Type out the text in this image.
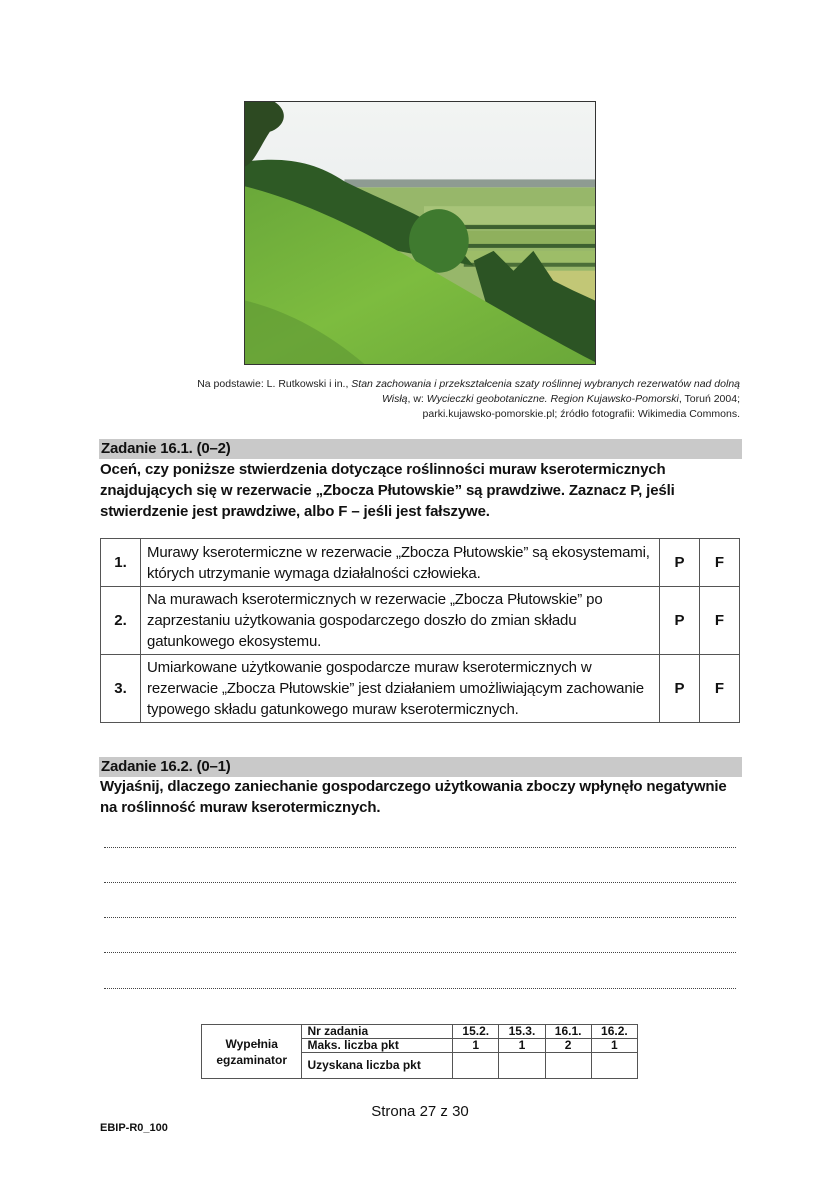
Na podstawie: L. Rutkowski i in., Stan zachowania i przekształcenia szaty roślinnej wybranych rezerwatów nad dolną Wisłą, w: Wycieczki geobotaniczne. Region Kujawsko-Pomorski, Toruń 2004;
parki.kujawsko-pomorskie.pl; źródło fotografii: Wikimedia Commons.
Zadanie 16.1. (0–2)
Oceń, czy poniższe stwierdzenia dotyczące roślinności muraw kserotermicznych znajdujących się w rezerwacie „Zbocza Płutowskie” są prawdziwe. Zaznacz P, jeśli stwierdzenie jest prawdziwe, albo F – jeśli jest fałszywe.
1.	Murawy kserotermiczne w rezerwacie „Zbocza Płutowskie” są ekosystemami, których utrzymanie wymaga działalności człowieka.	P	F
2.	Na murawach kserotermicznych w rezerwacie „Zbocza Płutowskie” po zaprzestaniu użytkowania gospodarczego doszło do zmian składu gatunkowego ekosystemu.	P	F
3.	Umiarkowane użytkowanie gospodarcze muraw kserotermicznych w rezerwacie „Zbocza Płutowskie” jest działaniem umożliwiającym zachowanie typowego składu gatunkowego muraw kserotermicznych.	P	F
Zadanie 16.2. (0–1)
Wyjaśnij, dlaczego zaniechanie gospodarczego użytkowania zboczy wpłynęło negatywnie na roślinność muraw kserotermicznych.
Wypełnia egzaminator	Nr zadania	15.2.	15.3.	16.1.	16.2.
	Maks. liczba pkt	1	1	2	1
	Uzyskana liczba pkt				
Strona 27 z 30
EBIP-R0_100
